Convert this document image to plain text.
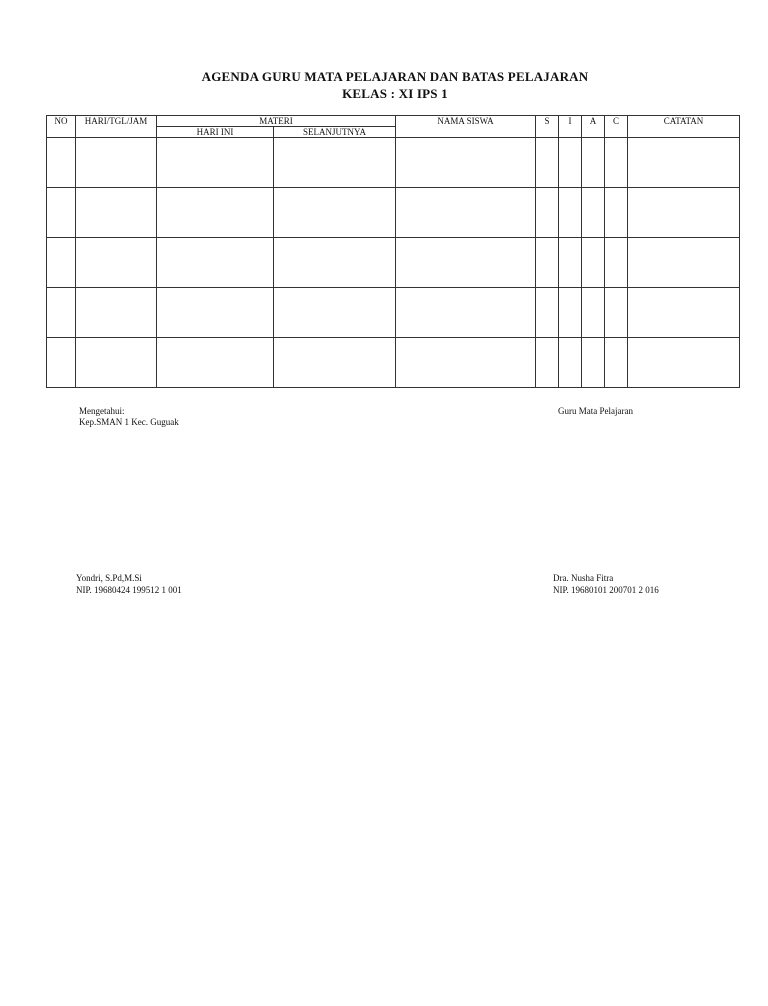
AGENDA GURU MATA PELAJARAN DAN BATAS PELAJARAN
KELAS : XI IPS 1
NO	HARI/TGL/JAM	MATERI		NAMA SISWA	S	I	A	C	CATATAN
		HARI INI	SELANJUTNYA						

Mengetahui:
Kep.SMAN 1 Kec. Guguak
Guru Mata Pelajaran
Yondri, S.Pd,M.Si
NIP. 19680424 199512 1 001
Dra. Nusha Fitra
NIP. 19680101 200701 2 016
